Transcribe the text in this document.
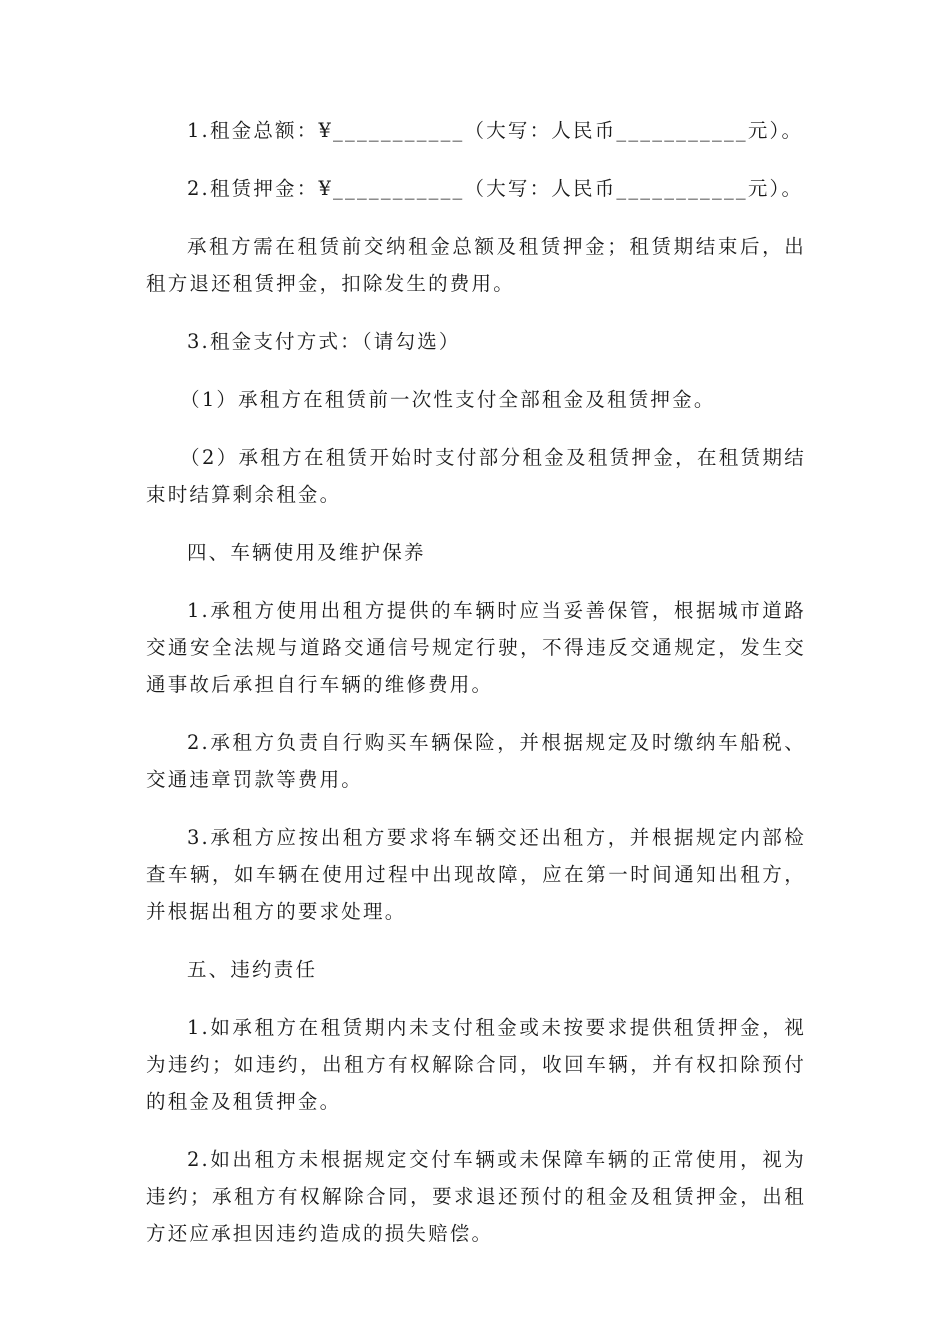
1.租金总额：¥___________（大写：人民币___________元）。

2.租赁押金：¥___________（大写：人民币___________元）。

承租方需在租赁前交纳租金总额及租赁押金；租赁期结束后，出租方退还租赁押金，扣除发生的费用。

3.租金支付方式：（请勾选）

（1）承租方在租赁前一次性支付全部租金及租赁押金。

（2）承租方在租赁开始时支付部分租金及租赁押金，在租赁期结束时结算剩余租金。

四、车辆使用及维护保养

1.承租方使用出租方提供的车辆时应当妥善保管，根据城市道路交通安全法规与道路交通信号规定行驶，不得违反交通规定，发生交通事故后承担自行车辆的维修费用。

2.承租方负责自行购买车辆保险，并根据规定及时缴纳车船税、交通违章罚款等费用。

3.承租方应按出租方要求将车辆交还出租方，并根据规定内部检查车辆，如车辆在使用过程中出现故障，应在第一时间通知出租方，并根据出租方的要求处理。

五、违约责任

1.如承租方在租赁期内未支付租金或未按要求提供租赁押金，视为违约；如违约，出租方有权解除合同，收回车辆，并有权扣除预付的租金及租赁押金。

2.如出租方未根据规定交付车辆或未保障车辆的正常使用，视为违约；承租方有权解除合同，要求退还预付的租金及租赁押金，出租方还应承担因违约造成的损失赔偿。
